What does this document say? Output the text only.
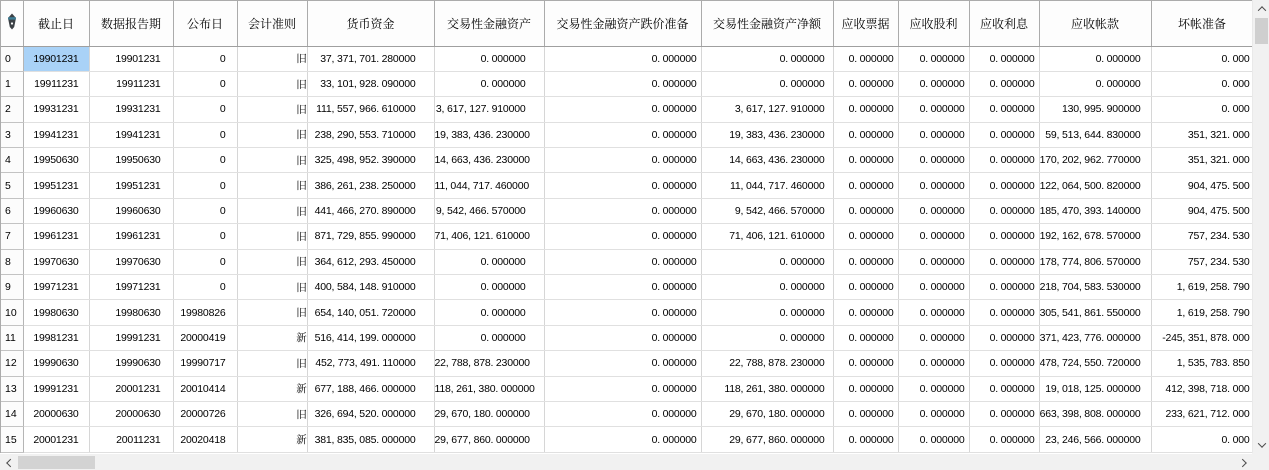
	截止日	数据报告期	公布日	会计准则	货币资金	交易性金融资产	交易性金融资产跌价准备	交易性金融资产净额	应收票据	应收股利	应收利息	应收帐款	坏帐准备
0	19901231	19901231	0	旧	37, 371, 701. 280000	0. 000000	0. 000000	0. 000000	0. 000000	0. 000000	0. 000000	0. 000000	0. 000
1	19911231	19911231	0	旧	33, 101, 928. 090000	0. 000000	0. 000000	0. 000000	0. 000000	0. 000000	0. 000000	0. 000000	0. 000
2	19931231	19931231	0	旧	111, 557, 966. 610000	3, 617, 127. 910000	0. 000000	3, 617, 127. 910000	0. 000000	0. 000000	0. 000000	130, 995. 900000	0. 000
3	19941231	19941231	0	旧	238, 290, 553. 710000	19, 383, 436. 230000	0. 000000	19, 383, 436. 230000	0. 000000	0. 000000	0. 000000	59, 513, 644. 830000	351, 321. 000
4	19950630	19950630	0	旧	325, 498, 952. 390000	14, 663, 436. 230000	0. 000000	14, 663, 436. 230000	0. 000000	0. 000000	0. 000000	170, 202, 962. 770000	351, 321. 000
5	19951231	19951231	0	旧	386, 261, 238. 250000	11, 044, 717. 460000	0. 000000	11, 044, 717. 460000	0. 000000	0. 000000	0. 000000	122, 064, 500. 820000	904, 475. 500
6	19960630	19960630	0	旧	441, 466, 270. 890000	9, 542, 466. 570000	0. 000000	9, 542, 466. 570000	0. 000000	0. 000000	0. 000000	185, 470, 393. 140000	904, 475. 500
7	19961231	19961231	0	旧	871, 729, 855. 990000	71, 406, 121. 610000	0. 000000	71, 406, 121. 610000	0. 000000	0. 000000	0. 000000	192, 162, 678. 570000	757, 234. 530
8	19970630	19970630	0	旧	364, 612, 293. 450000	0. 000000	0. 000000	0. 000000	0. 000000	0. 000000	0. 000000	178, 774, 806. 570000	757, 234. 530
9	19971231	19971231	0	旧	400, 584, 148. 910000	0. 000000	0. 000000	0. 000000	0. 000000	0. 000000	0. 000000	218, 704, 583. 530000	1, 619, 258. 790
10	19980630	19980630	19980826	旧	654, 140, 051. 720000	0. 000000	0. 000000	0. 000000	0. 000000	0. 000000	0. 000000	305, 541, 861. 550000	1, 619, 258. 790
11	19981231	19991231	20000419	新	516, 414, 199. 000000	0. 000000	0. 000000	0. 000000	0. 000000	0. 000000	0. 000000	371, 423, 776. 000000	-245, 351, 878. 000
12	19990630	19990630	19990717	旧	452, 773, 491. 110000	22, 788, 878. 230000	0. 000000	22, 788, 878. 230000	0. 000000	0. 000000	0. 000000	478, 724, 550. 720000	1, 535, 783. 850
13	19991231	20001231	20010414	新	677, 188, 466. 000000	118, 261, 380. 000000	0. 000000	118, 261, 380. 000000	0. 000000	0. 000000	0. 000000	19, 018, 125. 000000	412, 398, 718. 000
14	20000630	20000630	20000726	旧	326, 694, 520. 000000	29, 670, 180. 000000	0. 000000	29, 670, 180. 000000	0. 000000	0. 000000	0. 000000	663, 398, 808. 000000	233, 621, 712. 000
15	20001231	20011231	20020418	新	381, 835, 085. 000000	29, 677, 860. 000000	0. 000000	29, 677, 860. 000000	0. 000000	0. 000000	0. 000000	23, 246, 566. 000000	0. 000
